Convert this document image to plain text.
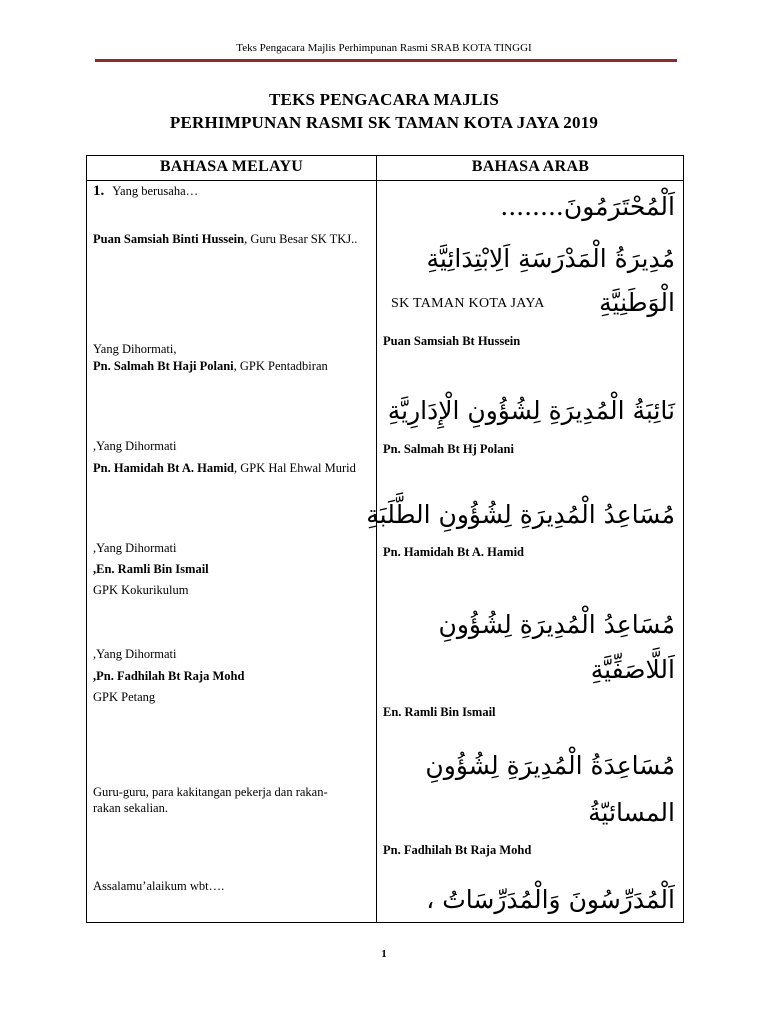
Teks Pengacara Majlis Perhimpunan Rasmi SRAB KOTA TINGGI
TEKS PENGACARA MAJLIS
PERHIMPUNAN RASMI SK TAMAN KOTA JAYA 2019
BAHASA MELAYU	BAHASA ARAB
1. Yang berusaha…
Puan Samsiah Binti Hussein, Guru Besar SK TKJ..
Yang Dihormati,
Pn. Salmah Bt Haji Polani, GPK Pentadbiran
,Yang Dihormati
Pn. Hamidah Bt A. Hamid, GPK Hal Ehwal Murid
,Yang Dihormati
,En. Ramli Bin Ismail
GPK Kokurikulum
,Yang Dihormati
,Pn. Fadhilah Bt Raja Mohd
GPK Petang
Guru-guru, para kakitangan pekerja dan rakan-rakan sekalian.
Assalamu’alaikum wbt….
اَلْمُحْتَرَمُونَ........
مُدِيرَةُ الْمَدْرَسَةِ اَلِابْتِدَائِيَّةِ
الْوَطَنِيَّةِ
SK TAMAN KOTA JAYA
Puan Samsiah Bt Hussein
نَائِبَةُ الْمُدِيرَةِ لِشُؤُونِ الْإِدَارِيَّةِ
Pn. Salmah Bt Hj Polani
مُسَاعِدُ الْمُدِيرَةِ لِشُؤُونِ الطَّلَبَةِ
Pn. Hamidah Bt A. Hamid
مُسَاعِدُ الْمُدِيرَةِ لِشُؤُونِ
اَللَّاصَفِّيَّةِ
En. Ramli Bin Ismail
مُسَاعِدَةُ الْمُدِيرَةِ لِشُؤُونِ
المسائيّةُ
Pn. Fadhilah Bt Raja Mohd
اَلْمُدَرِّسُونَ وَالْمُدَرِّسَاتُ ،
1
